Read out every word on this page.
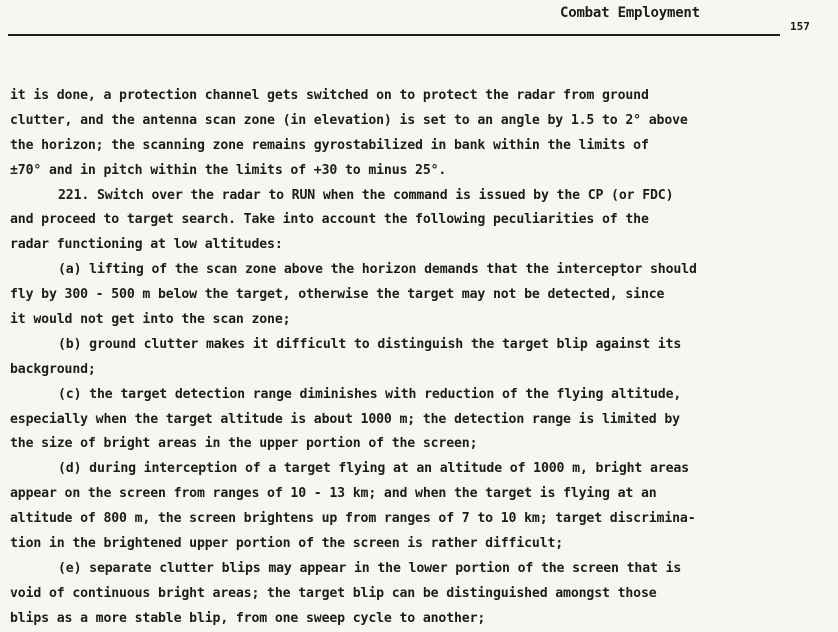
Combat Employment
157
it is done, a protection channel gets switched on to protect the radar from ground
clutter, and the antenna scan zone (in elevation) is set to an angle by 1.5 to 2° above
the horizon; the scanning zone remains gyrostabilized in bank within the limits of
±70° and in pitch within the limits of +30 to minus 25°.
221. Switch over the radar to RUN when the command is issued by the CP (or FDC)
and proceed to target search. Take into account the following peculiarities of the
radar functioning at low altitudes:
(a) lifting of the scan zone above the horizon demands that the interceptor should
fly by 300 - 500 m below the target, otherwise the target may not be detected, since
it would not get into the scan zone;
(b) ground clutter makes it difficult to distinguish the target blip against its
background;
(c) the target detection range diminishes with reduction of the flying altitude,
especially when the target altitude is about 1000 m; the detection range is limited by
the size of bright areas in the upper portion of the screen;
(d) during interception of a target flying at an altitude of 1000 m, bright areas
appear on the screen from ranges of 10 - 13 km; and when the target is flying at an
altitude of 800 m, the screen brightens up from ranges of 7 to 10 km; target discrimina-
tion in the brightened upper portion of the screen is rather difficult;
(e) separate clutter blips may appear in the lower portion of the screen that is
void of continuous bright areas; the target blip can be distinguished amongst those
blips as a more stable blip, from one sweep cycle to another;
